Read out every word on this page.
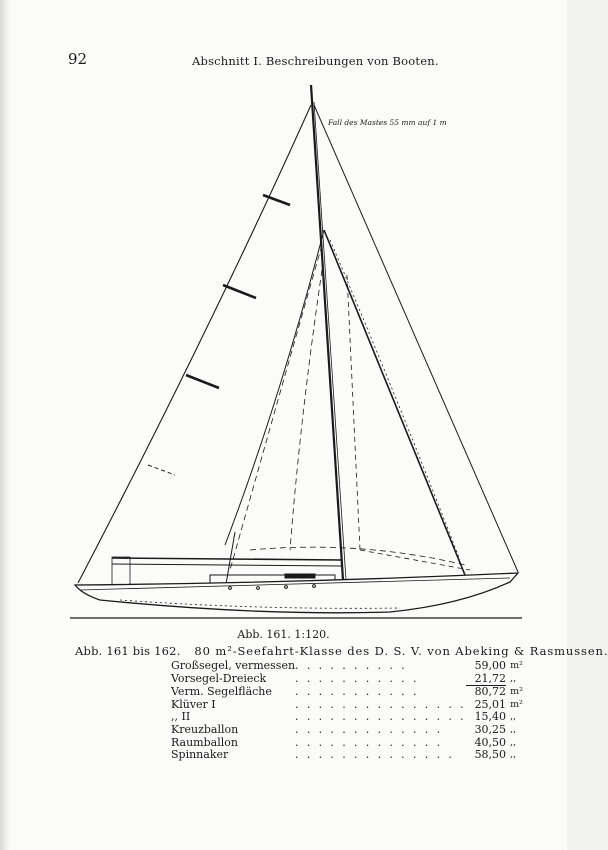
92	Abschnitt I. Beschreibungen von Booten.
Fall des Mastes 55 mm auf 1 m
Abb. 161. 1:120.
Abb. 161 bis 162. 80 m²-Seefahrt-Klasse des D. S. V. von Abeking & Rasmussen.
Großsegel, vermessen	. . . . . . . . . .	59,00	m²
Vorsegel-Dreieck	. . . . . . . . . . .	21,72	,,
Verm. Segelfläche	. . . . . . . . . . .	80,72	m²
Klüver I	. . . . . . . . . . . . . . .	25,01	m²
,, II	. . . . . . . . . . . . . . .	15,40	,,
Kreuzballon	. . . . . . . . . . . . .	30,25	,,
Raumballon	. . . . . . . . . . . . .	40,50	,,
Spinnaker	. . . . . . . . . . . . . .	58,50	,,
